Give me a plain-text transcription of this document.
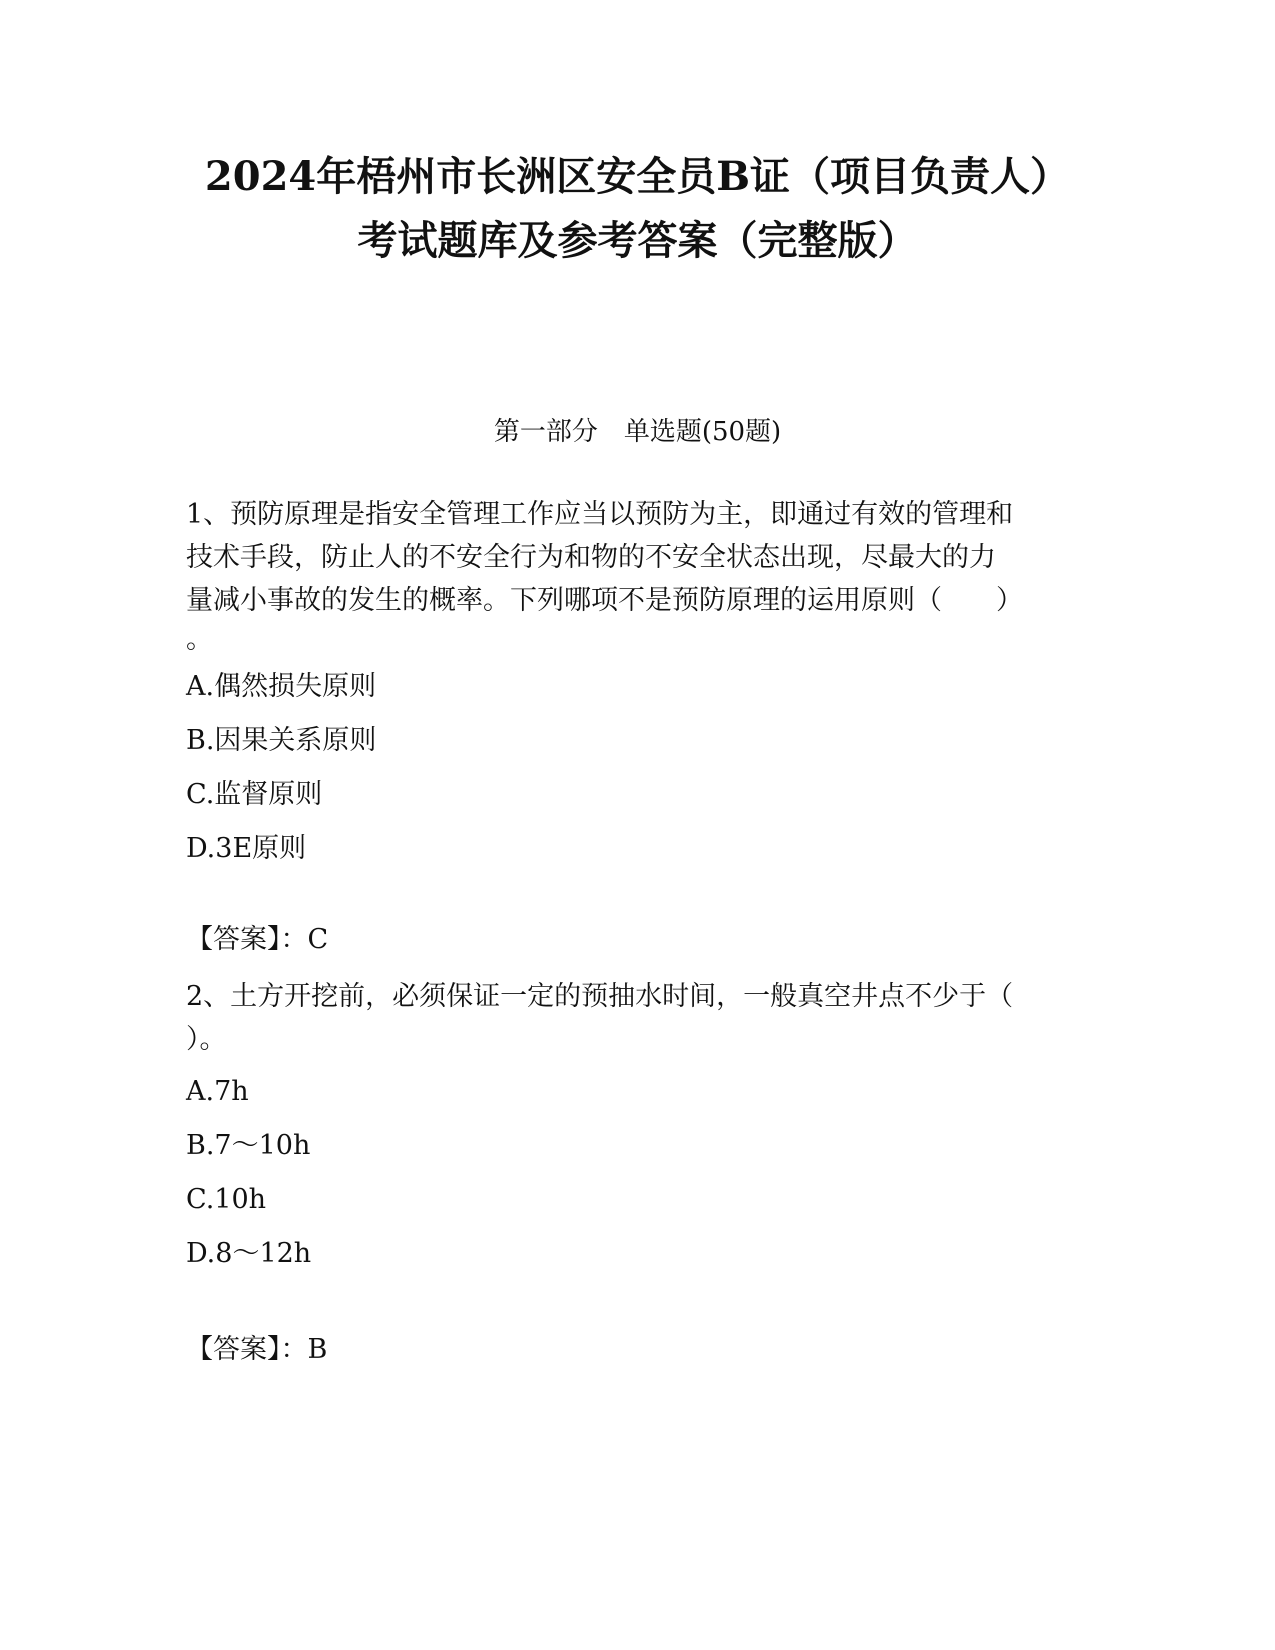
2024年梧州市长洲区安全员B证（项目负责人）
考试题库及参考答案（完整版）
第一部分　单选题(50题)
1、预防原理是指安全管理工作应当以预防为主，即通过有效的管理和
技术手段，防止人的不安全行为和物的不安全状态出现，尽最大的力
量减小事故的发生的概率。下列哪项不是预防原理的运用原则（　　）
。
A.偶然损失原则
B.因果关系原则
C.监督原则
D.3E原则
【答案】：C
2、土方开挖前，必须保证一定的预抽水时间，一般真空井点不少于（
）。
A.7h
B.7～10h
C.10h
D.8～12h
【答案】：B
